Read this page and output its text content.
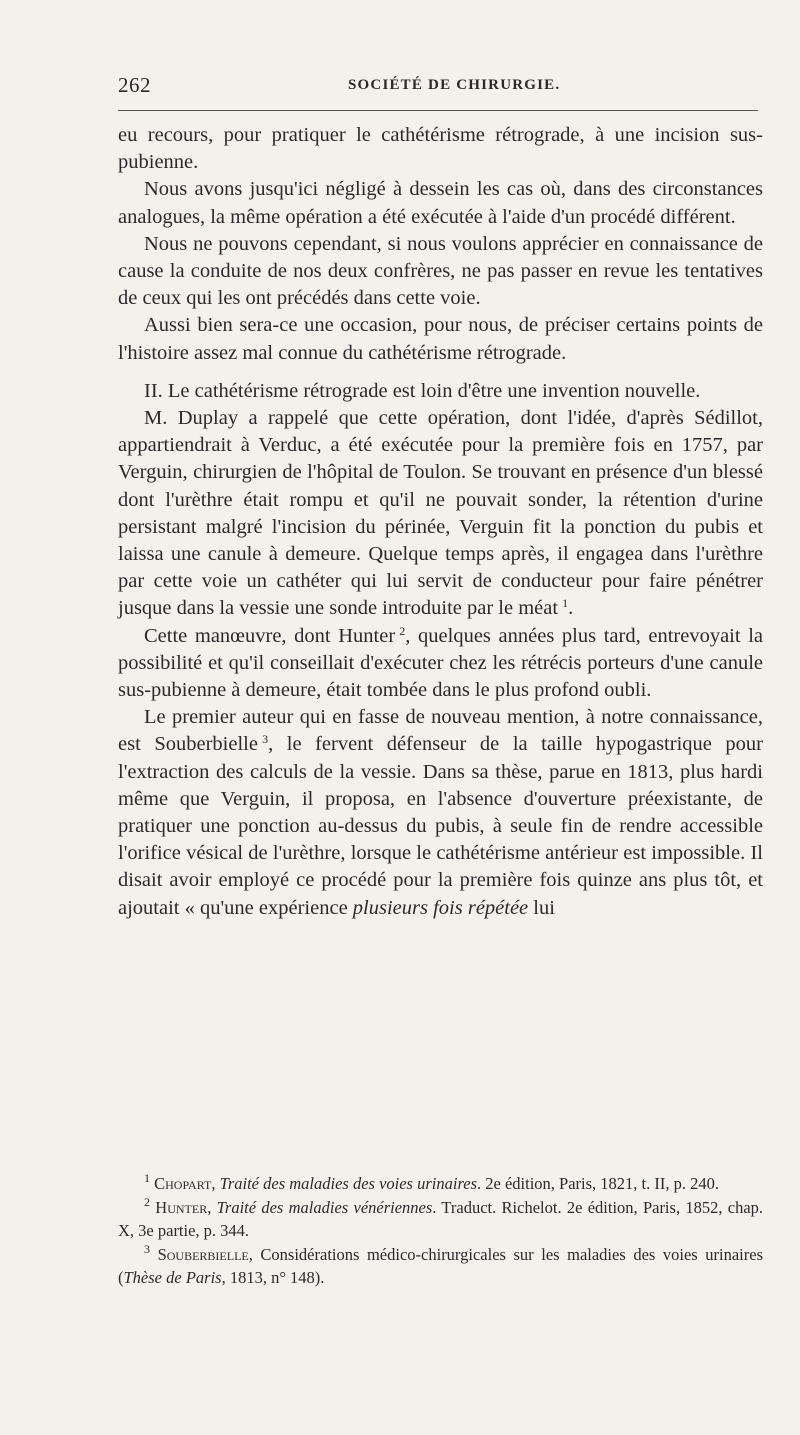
262	SOCIÉTÉ DE CHIRURGIE.

eu recours, pour pratiquer le cathétérisme rétrograde, à une incision sus-pubienne.

Nous avons jusqu'ici négligé à dessein les cas où, dans des circonstances analogues, la même opération a été exécutée à l'aide d'un procédé différent.

Nous ne pouvons cependant, si nous voulons apprécier en connaissance de cause la conduite de nos deux confrères, ne pas passer en revue les tentatives de ceux qui les ont précédés dans cette voie.

Aussi bien sera-ce une occasion, pour nous, de préciser certains points de l'histoire assez mal connue du cathétérisme rétrograde.

II. Le cathétérisme rétrograde est loin d'être une invention nouvelle.

M. Duplay a rappelé que cette opération, dont l'idée, d'après Sédillot, appartiendrait à Verduc, a été exécutée pour la première fois en 1757, par Verguin, chirurgien de l'hôpital de Toulon. Se trouvant en présence d'un blessé dont l'urèthre était rompu et qu'il ne pouvait sonder, la rétention d'urine persistant malgré l'incision du périnée, Verguin fit la ponction du pubis et laissa une canule à demeure. Quelque temps après, il engagea dans l'urèthre par cette voie un cathéter qui lui servit de conducteur pour faire pénétrer jusque dans la vessie une sonde introduite par le méat  $^1$.

Cette manœuvre, dont Hunter  $^2$, quelques années plus tard, entrevoyait la possibilité et qu'il conseillait d'exécuter chez les rétrécis porteurs d'une canule sus-pubienne à demeure, était tombée dans le plus profond oubli.

Le premier auteur qui en fasse de nouveau mention, à notre connaissance, est Souberbielle  $^3$, le fervent défenseur de la taille hypogastrique pour l'extraction des calculs de la vessie. Dans sa thèse, parue en 1813, plus hardi même que Verguin, il proposa, en l'absence d'ouverture préexistante, de pratiquer une ponction au-dessus du pubis, à seule fin de rendre accessible l'orifice vésical de l'urèthre, lorsque le cathétérisme antérieur est impossible. Il disait avoir employé ce procédé pour la première fois quinze ans plus tôt, et ajoutait « qu'une expérience plusieurs fois répétée lui

$^1$ Chopart, Traité des maladies des voies urinaires. 2e édition, Paris, 1821, t. II, p. 240.

$^2$ Hunter, Traité des maladies vénériennes. Traduct. Richelot. 2e édition, Paris, 1852, chap. X, 3e partie, p. 344.

$^3$ Souberbielle, Considérations médico-chirurgicales sur les maladies des voies urinaires (Thèse de Paris, 1813, n° 148).
